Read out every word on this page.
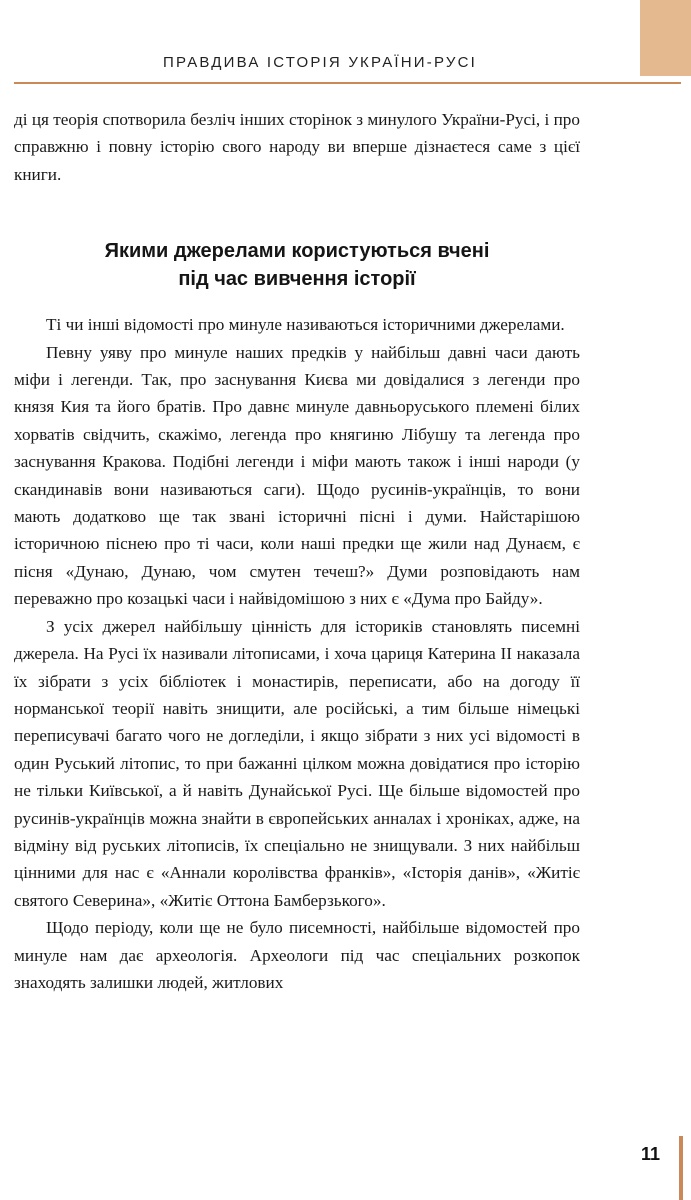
ПРАВДИВА ІСТОРІЯ УКРАЇНИ-РУСІ

ді ця теорія спотворила безліч інших сторінок з минулого України-Русі, і про справжню і повну історію свого народу ви вперше дізнаєтеся саме з цієї книги.

Якими джерелами користуються вчені
під час вивчення історії

Ті чи інші відомості про минуле називаються історичними джерелами.

Певну уяву про минуле наших предків у найбільш давні часи дають міфи і легенди. Так, про заснування Києва ми довідалися з легенди про князя Кия та його братів. Про давнє минуле давньоруського племені білих хорватів свідчить, скажімо, легенда про княгиню Лібушу та легенда про заснування Кракова. Подібні легенди і міфи мають також і інші народи (у скандинавів вони називаються саги). Щодо русинів-українців, то вони мають додатково ще так звані історичні пісні і думи. Найстарішою історичною піснею про ті часи, коли наші предки ще жили над Дунаєм, є пісня «Дунаю, Дунаю, чом смутен течеш?» Думи розповідають нам переважно про козацькі часи і найвідомішою з них є «Дума про Байду».

З усіх джерел найбільшу цінність для істориків становлять писемні джерела. На Русі їх називали літописами, і хоча цариця Катерина ІІ наказала їх зібрати з усіх бібліотек і монастирів, переписати, або на догоду її норманської теорії навіть знищити, але російські, а тим більше німецькі переписувачі багато чого не догледіли, і якщо зібрати з них усі відомості в один Руський літопис, то при бажанні цілком можна довідатися про історію не тільки Київської, а й навіть Дунайської Русі. Ще більше відомостей про русинів-українців можна знайти в європейських анналах і хроніках, адже, на відміну від руських літописів, їх спеціально не знищували. З них найбільш цінними для нас є «Аннали королівства франків», «Історія данів», «Житіє святого Северина», «Житіє Оттона Бамберзького».

Щодо періоду, коли ще не було писемності, найбільше відомостей про минуле нам дає археологія. Археологи під час спеціальних розкопок знаходять залишки людей, житлових

11
